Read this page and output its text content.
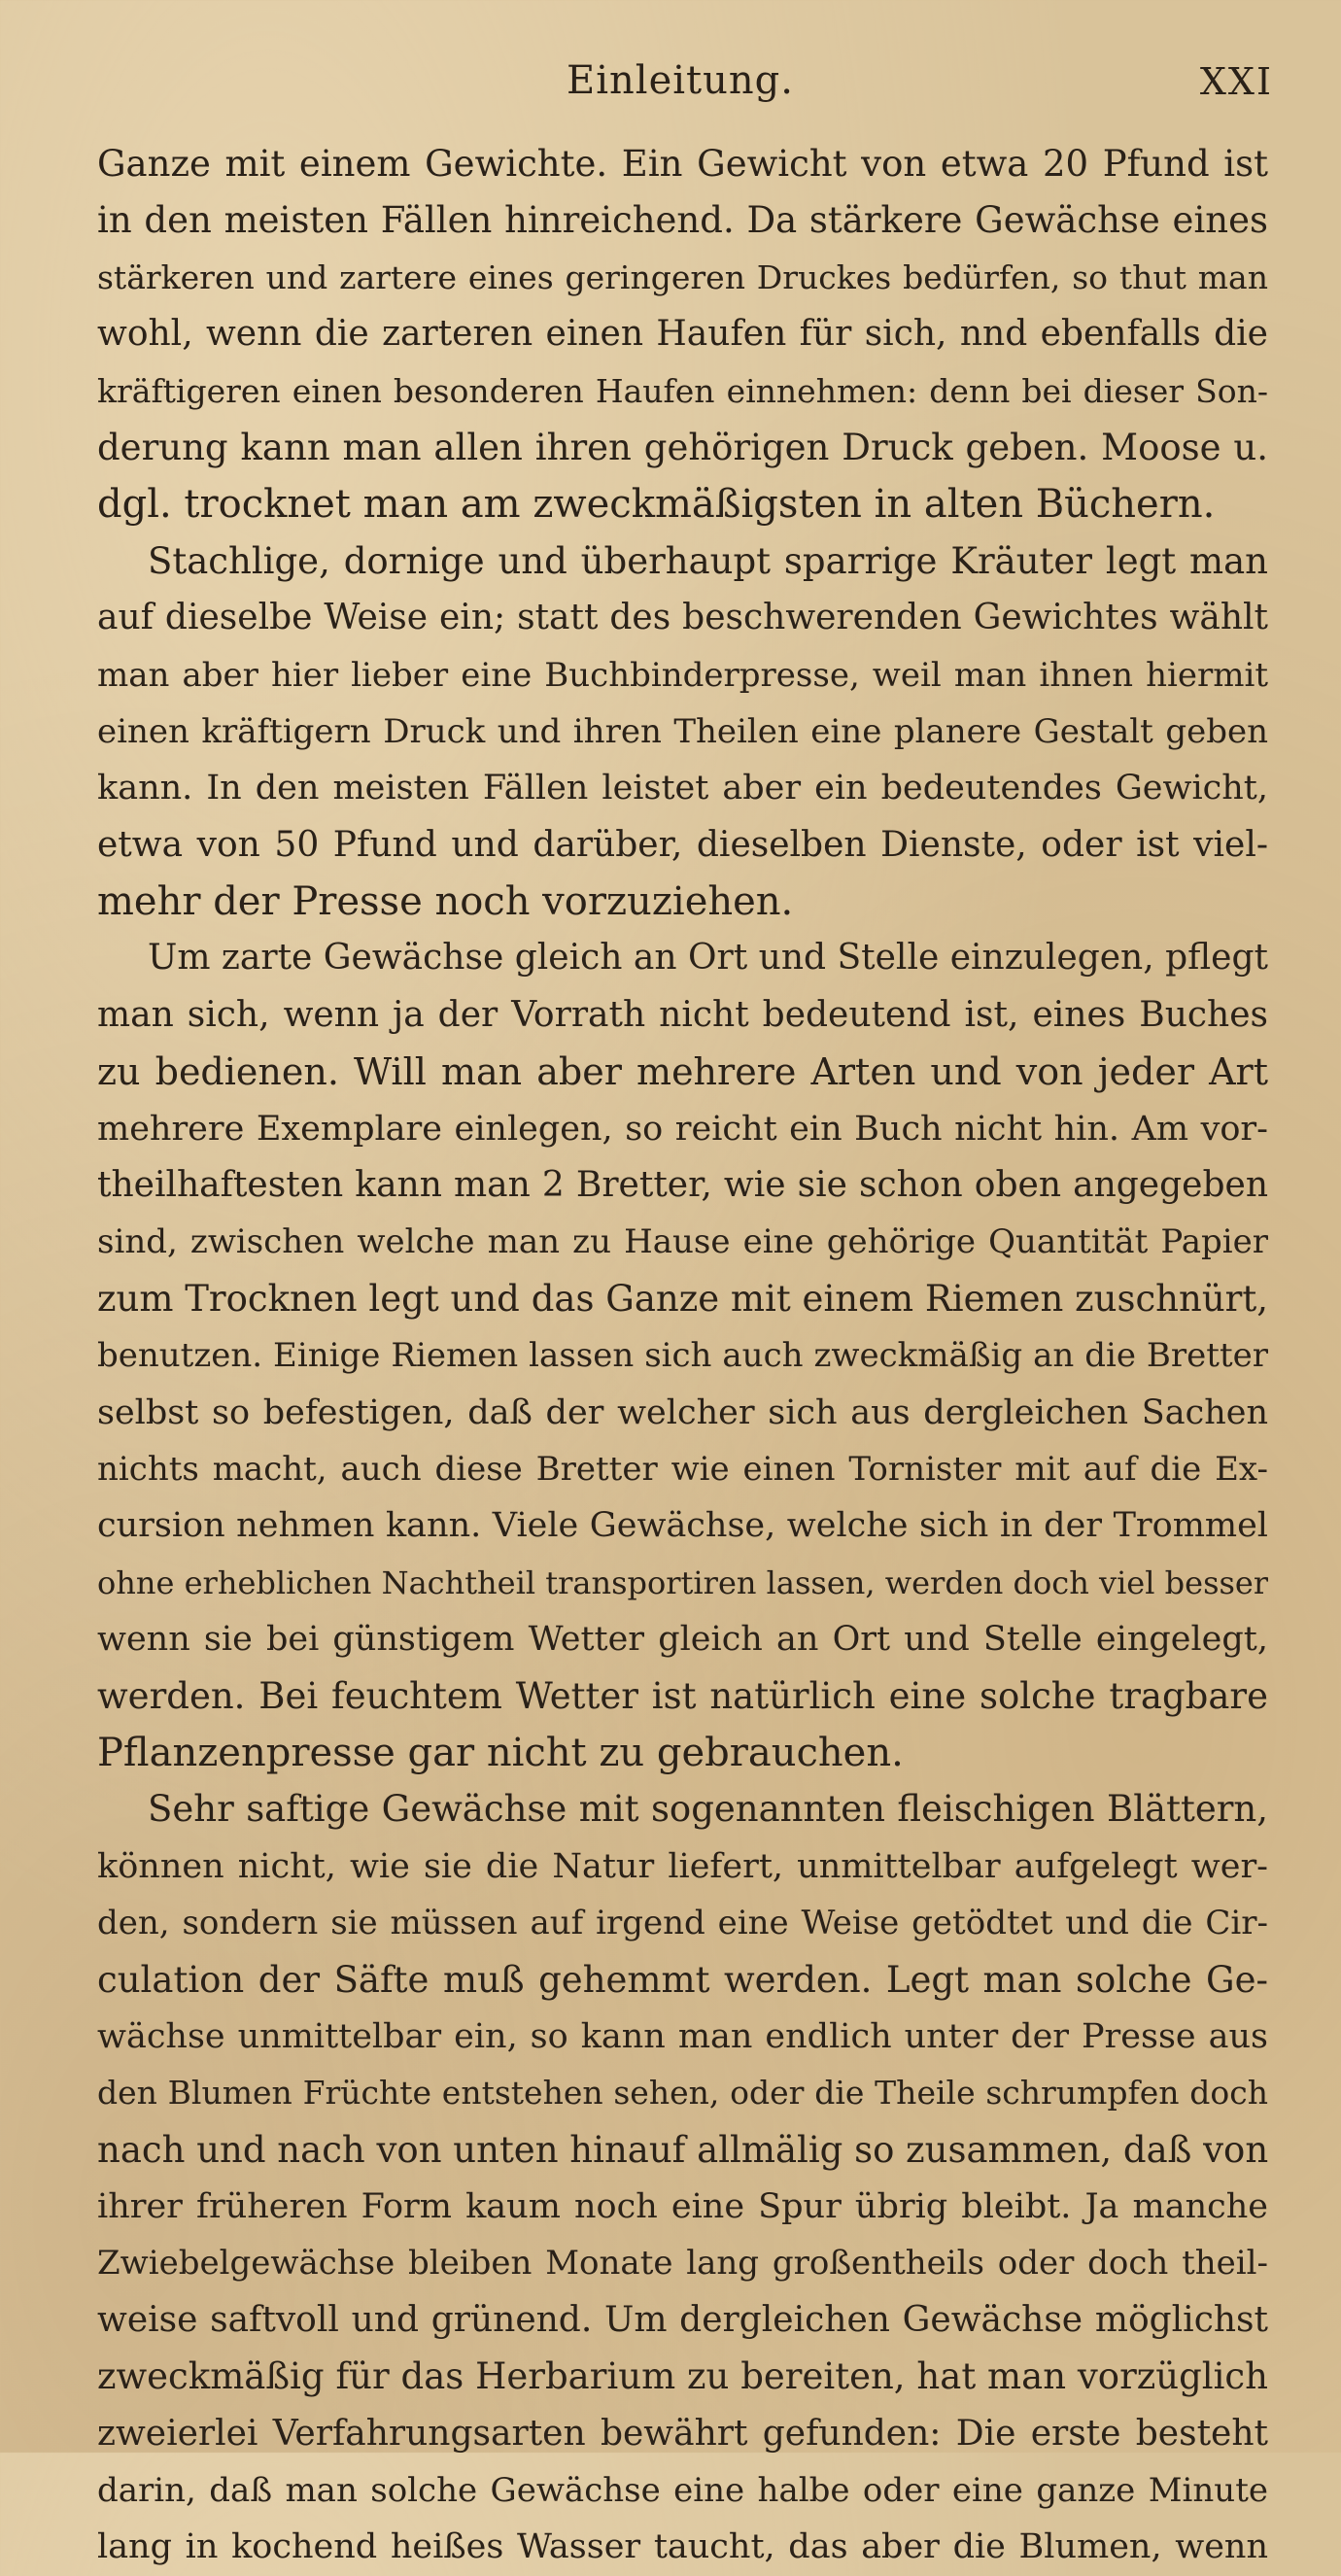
Einleitung.	XXI
Ganze mit einem Gewichte. Ein Gewicht von etwa 20 Pfund ist
in den meisten Fällen hinreichend. Da stärkere Gewächse eines
stärkeren und zartere eines geringeren Druckes bedürfen, so thut man
wohl, wenn die zarteren einen Haufen für sich, nnd ebenfalls die
kräftigeren einen besonderen Haufen einnehmen: denn bei dieser Son-
derung kann man allen ihren gehörigen Druck geben. Moose u.
dgl. trocknet man am zweckmäßigsten in alten Büchern.
Stachlige, dornige und überhaupt sparrige Kräuter legt man
auf dieselbe Weise ein; statt des beschwerenden Gewichtes wählt
man aber hier lieber eine Buchbinderpresse, weil man ihnen hiermit
einen kräftigern Druck und ihren Theilen eine planere Gestalt geben
kann. In den meisten Fällen leistet aber ein bedeutendes Gewicht,
etwa von 50 Pfund und darüber, dieselben Dienste, oder ist viel-
mehr der Presse noch vorzuziehen.
Um zarte Gewächse gleich an Ort und Stelle einzulegen, pflegt
man sich, wenn ja der Vorrath nicht bedeutend ist, eines Buches
zu bedienen. Will man aber mehrere Arten und von jeder Art
mehrere Exemplare einlegen, so reicht ein Buch nicht hin. Am vor-
theilhaftesten kann man 2 Bretter, wie sie schon oben angegeben
sind, zwischen welche man zu Hause eine gehörige Quantität Papier
zum Trocknen legt und das Ganze mit einem Riemen zuschnürt,
benutzen. Einige Riemen lassen sich auch zweckmäßig an die Bretter
selbst so befestigen, daß der welcher sich aus dergleichen Sachen
nichts macht, auch diese Bretter wie einen Tornister mit auf die Ex-
cursion nehmen kann. Viele Gewächse, welche sich in der Trommel
ohne erheblichen Nachtheil transportiren lassen, werden doch viel besser
wenn sie bei günstigem Wetter gleich an Ort und Stelle eingelegt,
werden. Bei feuchtem Wetter ist natürlich eine solche tragbare
Pflanzenpresse gar nicht zu gebrauchen.
Sehr saftige Gewächse mit sogenannten fleischigen Blättern,
können nicht, wie sie die Natur liefert, unmittelbar aufgelegt wer-
den, sondern sie müssen auf irgend eine Weise getödtet und die Cir-
culation der Säfte muß gehemmt werden. Legt man solche Ge-
wächse unmittelbar ein, so kann man endlich unter der Presse aus
den Blumen Früchte entstehen sehen, oder die Theile schrumpfen doch
nach und nach von unten hinauf allmälig so zusammen, daß von
ihrer früheren Form kaum noch eine Spur übrig bleibt. Ja manche
Zwiebelgewächse bleiben Monate lang großentheils oder doch theil-
weise saftvoll und grünend. Um dergleichen Gewächse möglichst
zweckmäßig für das Herbarium zu bereiten, hat man vorzüglich
zweierlei Verfahrungsarten bewährt gefunden: Die erste besteht
darin, daß man solche Gewächse eine halbe oder eine ganze Minute
lang in kochend heißes Wasser taucht, das aber die Blumen, wenn
